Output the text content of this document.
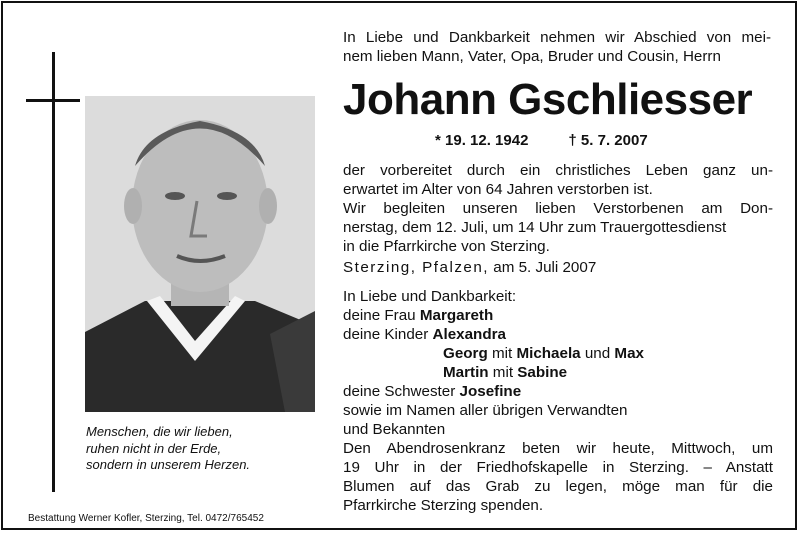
Menschen, die wir lieben,
ruhen nicht in der Erde,
sondern in unserem Herzen.
Bestattung Werner Kofler, Sterzing, Tel. 0472/765452
In Liebe und Dankbarkeit nehmen wir Abschied von mei-
nem lieben Mann, Vater, Opa, Bruder und Cousin, Herrn
Johann Gschliesser
* 19. 12. 1942	† 5. 7. 2007
der vorbereitet durch ein christliches Leben ganz un-
erwartet im Alter von 64 Jahren verstorben ist.
Wir begleiten unseren lieben Verstorbenen am Don-
nerstag, dem 12. Juli, um 14 Uhr zum Trauergottesdienst
in die Pfarrkirche von Sterzing.
Sterzing, Pfalzen, am 5. Juli 2007
In Liebe und Dankbarkeit:
deine Frau Margareth
deine Kinder Alexandra
Georg mit Michaela und Max
Martin mit Sabine
deine Schwester Josefine
sowie im Namen aller übrigen Verwandten
und Bekannten
Den Abendrosenkranz beten wir heute, Mittwoch, um
19 Uhr in der Friedhofskapelle in Sterzing. – Anstatt
Blumen auf das Grab zu legen, möge man für die
Pfarrkirche Sterzing spenden.
